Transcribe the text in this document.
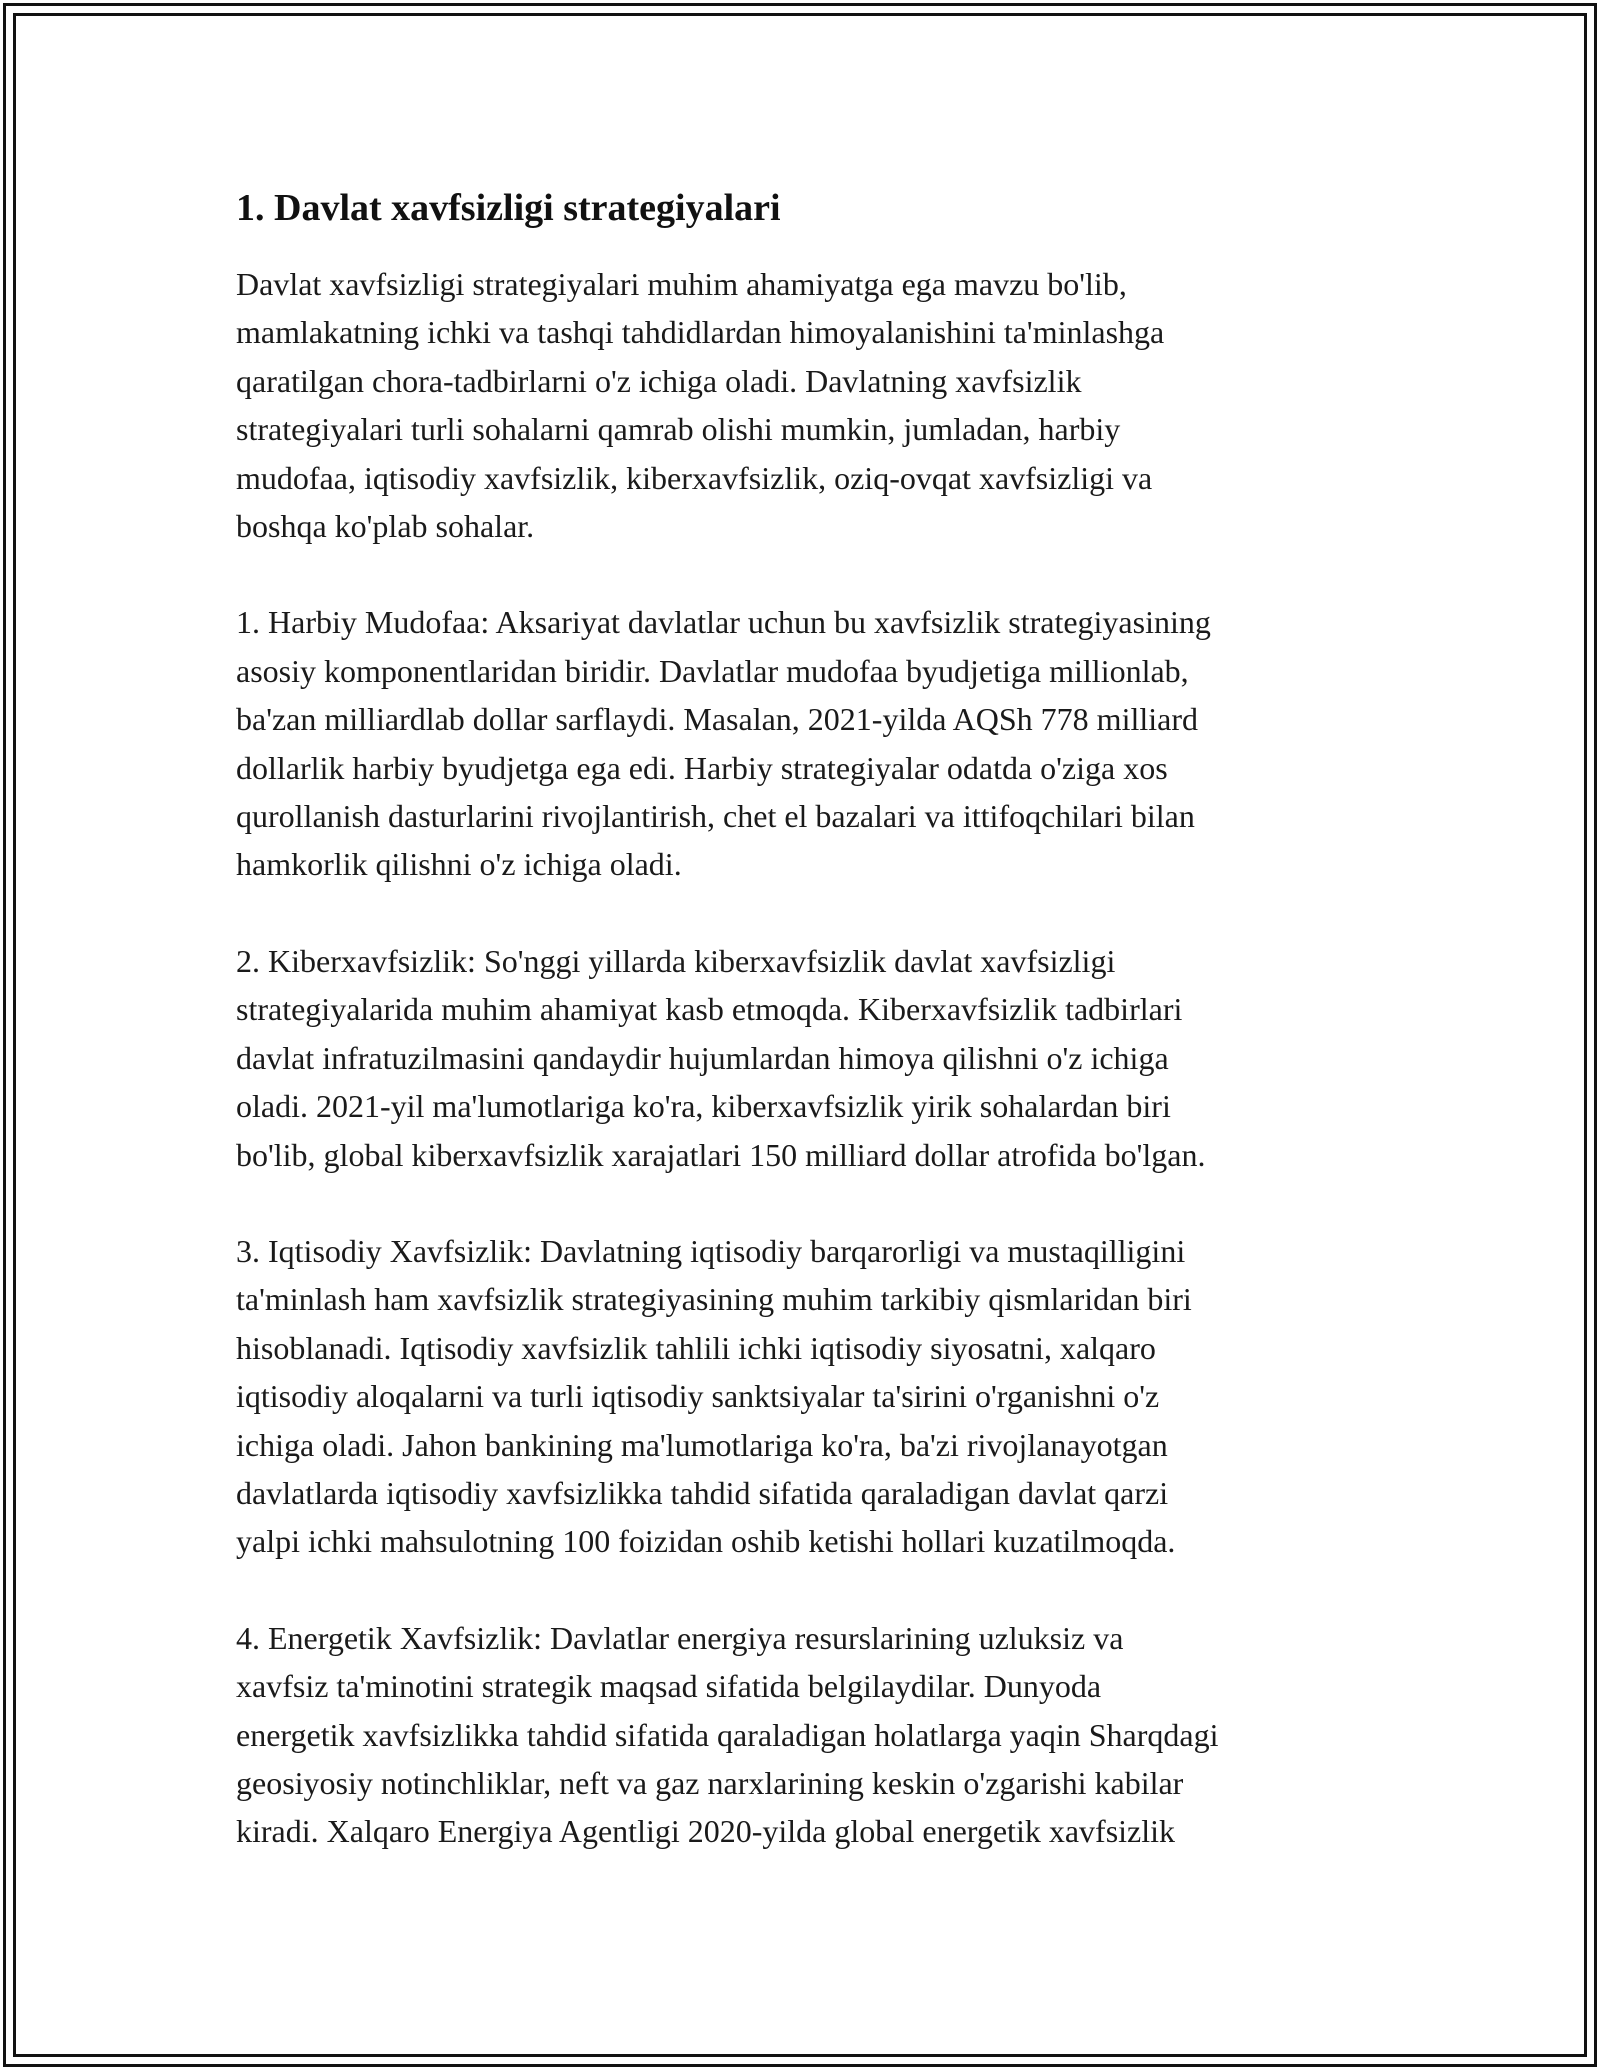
1. Davlat xavfsizligi strategiyalari

Davlat xavfsizligi strategiyalari muhim ahamiyatga ega mavzu bo'lib,
mamlakatning ichki va tashqi tahdidlardan himoyalanishini ta'minlashga
qaratilgan chora-tadbirlarni o'z ichiga oladi. Davlatning xavfsizlik
strategiyalari turli sohalarni qamrab olishi mumkin, jumladan, harbiy
mudofaa, iqtisodiy xavfsizlik, kiberxavfsizlik, oziq-ovqat xavfsizligi va
boshqa ko'plab sohalar.

1. Harbiy Mudofaa: Aksariyat davlatlar uchun bu xavfsizlik strategiyasining
asosiy komponentlaridan biridir. Davlatlar mudofaa byudjetiga millionlab,
ba'zan milliardlab dollar sarflaydi. Masalan, 2021-yilda AQSh 778 milliard
dollarlik harbiy byudjetga ega edi. Harbiy strategiyalar odatda o'ziga xos
qurollanish dasturlarini rivojlantirish, chet el bazalari va ittifoqchilari bilan
hamkorlik qilishni o'z ichiga oladi.

2. Kiberxavfsizlik: So'nggi yillarda kiberxavfsizlik davlat xavfsizligi
strategiyalarida muhim ahamiyat kasb etmoqda. Kiberxavfsizlik tadbirlari
davlat infratuzilmasini qandaydir hujumlardan himoya qilishni o'z ichiga
oladi. 2021-yil ma'lumotlariga ko'ra, kiberxavfsizlik yirik sohalardan biri
bo'lib, global kiberxavfsizlik xarajatlari 150 milliard dollar atrofida bo'lgan.

3. Iqtisodiy Xavfsizlik: Davlatning iqtisodiy barqarorligi va mustaqilligini
ta'minlash ham xavfsizlik strategiyasining muhim tarkibiy qismlaridan biri
hisoblanadi. Iqtisodiy xavfsizlik tahlili ichki iqtisodiy siyosatni, xalqaro
iqtisodiy aloqalarni va turli iqtisodiy sanktsiyalar ta'sirini o'rganishni o'z
ichiga oladi. Jahon bankining ma'lumotlariga ko'ra, ba'zi rivojlanayotgan
davlatlarda iqtisodiy xavfsizlikka tahdid sifatida qaraladigan davlat qarzi
yalpi ichki mahsulotning 100 foizidan oshib ketishi hollari kuzatilmoqda.

4. Energetik Xavfsizlik: Davlatlar energiya resurslarining uzluksiz va
xavfsiz ta'minotini strategik maqsad sifatida belgilaydilar. Dunyoda
energetik xavfsizlikka tahdid sifatida qaraladigan holatlarga yaqin Sharqdagi
geosiyosiy notinchliklar, neft va gaz narxlarining keskin o'zgarishi kabilar
kiradi. Xalqaro Energiya Agentligi 2020-yilda global energetik xavfsizlik
